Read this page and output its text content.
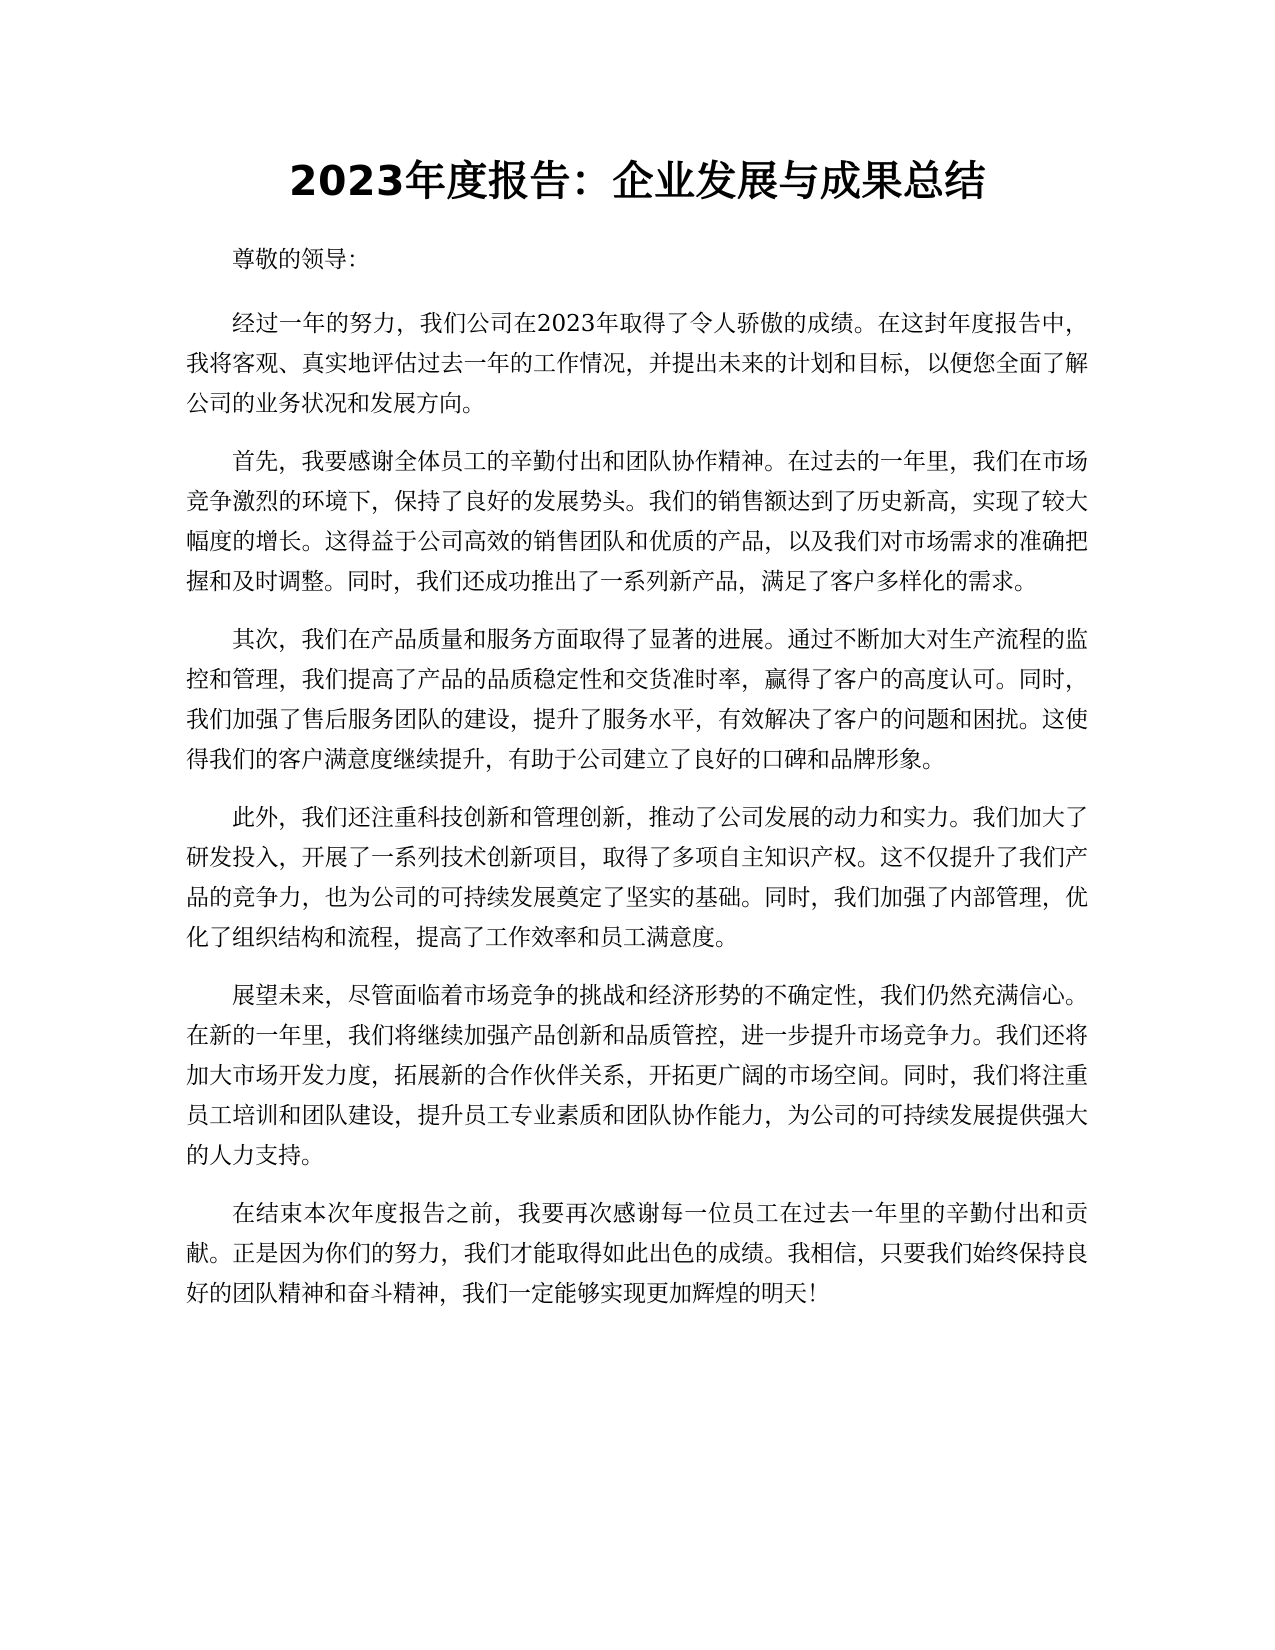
2023年度报告：企业发展与成果总结

尊敬的领导：

经过一年的努力，我们公司在2023年取得了令人骄傲的成绩。在这封年度报告中，我将客观、真实地评估过去一年的工作情况，并提出未来的计划和目标，以便您全面了解公司的业务状况和发展方向。

首先，我要感谢全体员工的辛勤付出和团队协作精神。在过去的一年里，我们在市场竞争激烈的环境下，保持了良好的发展势头。我们的销售额达到了历史新高，实现了较大幅度的增长。这得益于公司高效的销售团队和优质的产品，以及我们对市场需求的准确把握和及时调整。同时，我们还成功推出了一系列新产品，满足了客户多样化的需求。

其次，我们在产品质量和服务方面取得了显著的进展。通过不断加大对生产流程的监控和管理，我们提高了产品的品质稳定性和交货准时率，赢得了客户的高度认可。同时，我们加强了售后服务团队的建设，提升了服务水平，有效解决了客户的问题和困扰。这使得我们的客户满意度继续提升，有助于公司建立了良好的口碑和品牌形象。

此外，我们还注重科技创新和管理创新，推动了公司发展的动力和实力。我们加大了研发投入，开展了一系列技术创新项目，取得了多项自主知识产权。这不仅提升了我们产品的竞争力，也为公司的可持续发展奠定了坚实的基础。同时，我们加强了内部管理，优化了组织结构和流程，提高了工作效率和员工满意度。

展望未来，尽管面临着市场竞争的挑战和经济形势的不确定性，我们仍然充满信心。在新的一年里，我们将继续加强产品创新和品质管控，进一步提升市场竞争力。我们还将加大市场开发力度，拓展新的合作伙伴关系，开拓更广阔的市场空间。同时，我们将注重员工培训和团队建设，提升员工专业素质和团队协作能力，为公司的可持续发展提供强大的人力支持。

在结束本次年度报告之前，我要再次感谢每一位员工在过去一年里的辛勤付出和贡献。正是因为你们的努力，我们才能取得如此出色的成绩。我相信，只要我们始终保持良好的团队精神和奋斗精神，我们一定能够实现更加辉煌的明天！
